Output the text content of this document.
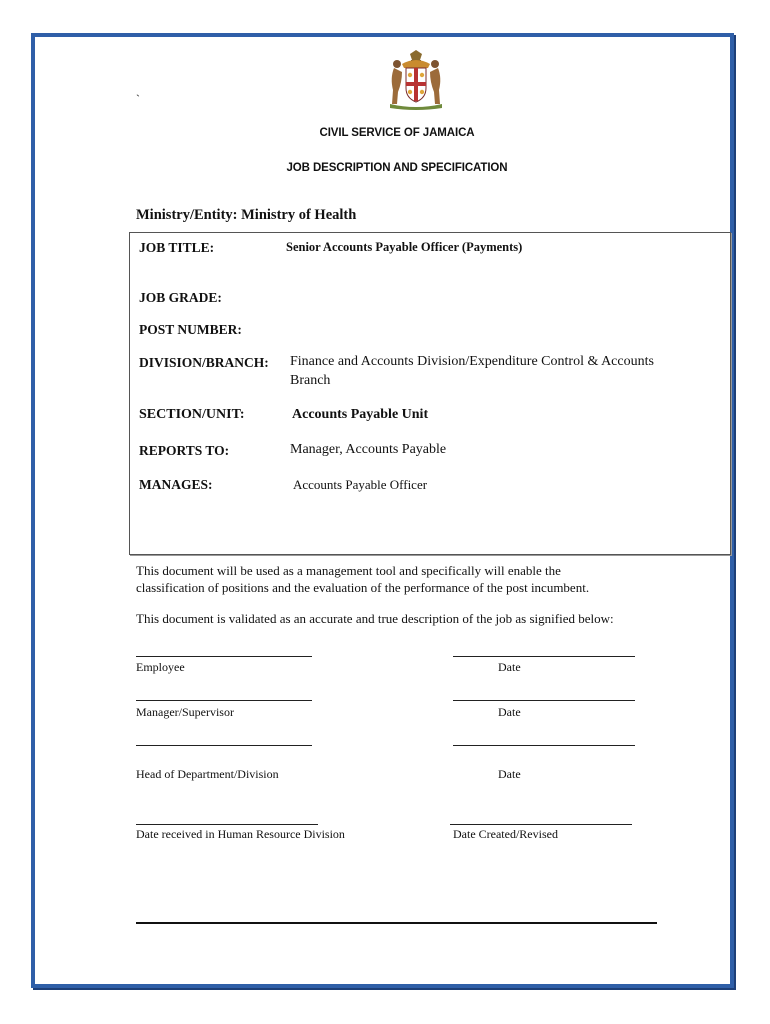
`
CIVIL SERVICE OF JAMAICA
JOB DESCRIPTION AND SPECIFICATION
Ministry/Entity: Ministry of Health
JOB TITLE:	Senior Accounts Payable Officer (Payments)
JOB GRADE:
POST NUMBER:
DIVISION/BRANCH: Finance and Accounts Division/Expenditure Control & Accounts
Branch
SECTION/UNIT:	Accounts Payable Unit
REPORTS TO:	Manager, Accounts Payable
MANAGES:	Accounts Payable Officer
This document will be used as a management tool and specifically will enable the
classification of positions and the evaluation of the performance of the post incumbent.
This document is validated as an accurate and true description of the job as signified below:
Employee	Date
Manager/Supervisor	Date
Head of Department/Division	Date
Date received in Human Resource Division	Date Created/Revised
